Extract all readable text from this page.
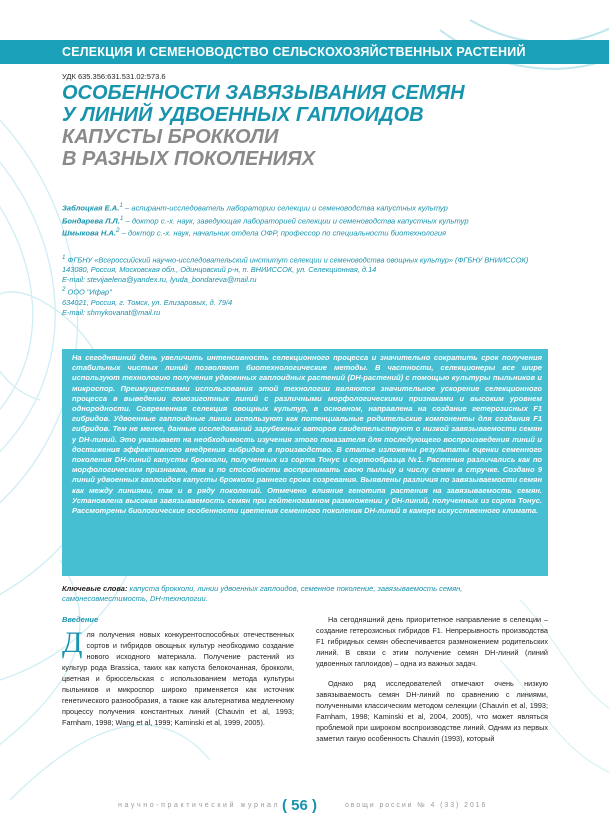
СЕЛЕКЦИЯ И СЕМЕНОВОДСТВО СЕЛЬСКОХОЗЯЙСТВЕННЫХ РАСТЕНИЙ
УДК 635.356:631.531.02:573.6
ОСОБЕННОСТИ ЗАВЯЗЫВАНИЯ СЕМЯН
У ЛИНИЙ УДВОЕННЫХ ГАПЛОИДОВ
КАПУСТЫ БРОККОЛИ
В РАЗНЫХ ПОКОЛЕНИЯХ
Заблоцкая Е.А.$^1$ – аспирант-исследователь лаборатории селекции и семеноводства капустных культур
Бондарева Л.Л.$^1$ – доктор с.-х. наук, заведующая лабораторией селекции и семеноводства капустных культур
Шмыкова Н.А.$^2$ – доктор с.-х. наук, начальник отдела ОФР, профессор по специальности биотехнология
$^1$ ФГБНУ «Всероссийский научно-исследовательский институт селекции и семеноводства овощных культур» (ФГБНУ ВНИИССОК)
143080, Россия, Московская обл., Одинцовский р-н, п. ВНИИССОК, ул. Селекционная, д.14
E-mail: stevijaelena@yandex.ru, lyuda_bondareva@mail.ru
$^2$ ООО "Ифар"
634021, Россия, г. Томск, ул. Елизаровых, д. 79/4
E-mail: shmykovanat@mail.ru

На сегодняшний день увеличить интенсивность селекционного процесса и значительно сократить срок получения стабильных чистых линий позволяют биотехнологические методы. В частности, селекционеры все шире используют технологию получения удвоенных гаплоидных растений (DH-растений) с помощью культуры пыльников и микроспор. Преимуществами использования этой технологии являются значительное ускорение селекционного процесса в выведении гомозиготных линий с различными морфологическими признаками и высоким уровнем однородности. Современная селекция овощных культур, в основном, направлена на создание гетерозисных F1 гибридов. Удвоенные гаплоидные линии используют как потенциальные родительские компоненты для создания F1 гибридов. Тем не менее, данные исследований зарубежных авторов свидетельствуют о низкой завязываемости семян у DH-линий. Это указывает на необходимость изучения этого показателя для последующего воспроизведения линий и достижения эффективного внедрения гибридов в производство. В статье изложены результаты оценки семенного поколения DH-линий капусты брокколи, полученных из сорта Тонус и сортообразца №1. Растения различались как по морфологическим признакам, так и по способности воспринимать свою пыльцу и числу семян в стручке. Создано 9 линий удвоенных гаплоидов капусты брокколи раннего срока созревания. Выявлены различия по завязываемости семян как между линиями, так и в ряду поколений. Отмечено влияние генотипа растения на завязываемость семян. Установлена высокая завязываемость семян при гейтеногамном размножении у DH-линий, полученных из сорта Тонус. Рассмотрены биологические особенности цветения семенного поколения DH-линий в камере искусственного климата.

Ключевые слова: капуста брокколи, линии удвоенных гаплоидов, семенное поколение, завязываемость семян, самонесовместимость, DH-технологии.
Введение

Для получения новых конкурентоспособных отечественных сортов и гибридов овощных культур необходимо создание нового исходного материала. Получение растений из культур рода Brassica, таких как капуста белокочанная, брокколи, цветная и брюссельская с использованием метода культуры пыльников и микроспор широко применяется как источник генетического разнообразия, а также как альтернатива медленному процессу получения константных линий (Chauvin et al, 1993; Farnham, 1998; Wang et al, 1999; Kaminski et al, 1999, 2005).

На сегодняшний день приоритетное направление в селекции – создание гетерозисных гибридов F1. Непрерывность производства F1 гибридных семян обеспечивается размножением родительских линий. В связи с этим получение семян DH-линий (линий удвоенных гаплоидов) – одна из важных задач.

Однако ряд исследователей отмечают очень низкую завязываемость семян DH-линий по сравнению с линиями, полученными классическим методом селекции (Chauvin et al, 1993; Farnham, 1998; Kaminski et al, 2004, 2005), что может являться проблемой при широком воспроизводстве линий. Одним из первых заметил такую особенность Chauvin (1993), который

научно-практический журнал ( 56 )	овощи россии № 4 (33) 2016
